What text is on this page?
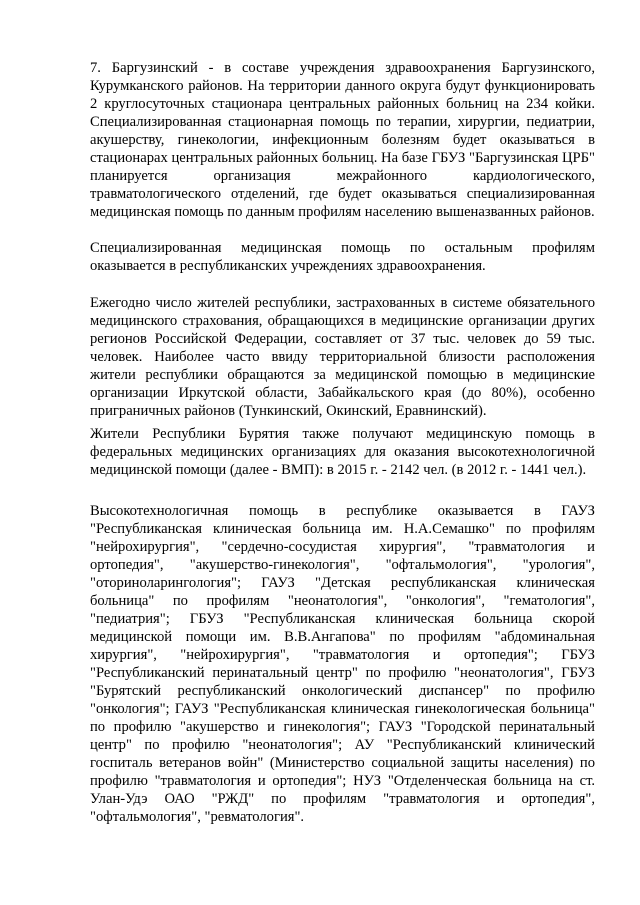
7. Баргузинский - в составе учреждения здравоохранения Баргузинского, Курумканского районов. На территории данного округа будут функционировать 2 круглосуточных стационара центральных районных больниц на 234 койки. Специализированная стационарная помощь по терапии, хирургии, педиатрии, акушерству, гинекологии, инфекционным болезням будет оказываться в стационарах центральных районных больниц. На базе ГБУЗ "Баргузинская ЦРБ" планируется организация межрайонного кардиологического, травматологического отделений, где будет оказываться специализированная медицинская помощь по данным профилям населению вышеназванных районов.

Специализированная медицинская помощь по остальным профилям оказывается в республиканских учреждениях здравоохранения.

Ежегодно число жителей республики, застрахованных в системе обязательного медицинского страхования, обращающихся в медицинские организации других регионов Российской Федерации, составляет от 37 тыс. человек до 59 тыс. человек. Наиболее часто ввиду территориальной близости расположения жители республики обращаются за медицинской помощью в медицинские организации Иркутской области, Забайкальского края (до 80%), особенно приграничных районов (Тункинский, Окинский, Еравнинский).

Жители Республики Бурятия также получают медицинскую помощь в федеральных медицинских организациях для оказания высокотехнологичной медицинской помощи (далее - ВМП): в 2015 г. - 2142 чел. (в 2012 г. - 1441 чел.).

Высокотехнологичная помощь в республике оказывается в ГАУЗ "Республиканская клиническая больница им. Н.А.Семашко" по профилям "нейрохирургия", "сердечно-сосудистая хирургия", "травматология и ортопедия", "акушерство-гинекология", "офтальмология", "урология", "оториноларингология"; ГАУЗ "Детская республиканская клиническая больница" по профилям "неонатология", "онкология", "гематология", "педиатрия"; ГБУЗ "Республиканская клиническая больница скорой медицинской помощи им. В.В.Ангапова" по профилям "абдоминальная хирургия", "нейрохирургия", "травматология и ортопедия"; ГБУЗ "Республиканский перинатальный центр" по профилю "неонатология", ГБУЗ "Бурятский республиканский онкологический диспансер" по профилю "онкология"; ГАУЗ "Республиканская клиническая гинекологическая больница" по профилю "акушерство и гинекология"; ГАУЗ "Городской перинатальный центр" по профилю "неонатология"; АУ "Республиканский клинический госпиталь ветеранов войн" (Министерство социальной защиты населения) по профилю "травматология и ортопедия"; НУЗ "Отделенческая больница на ст. Улан-Удэ ОАО "РЖД" по профилям "травматология и ортопедия", "офтальмология", "ревматология".
